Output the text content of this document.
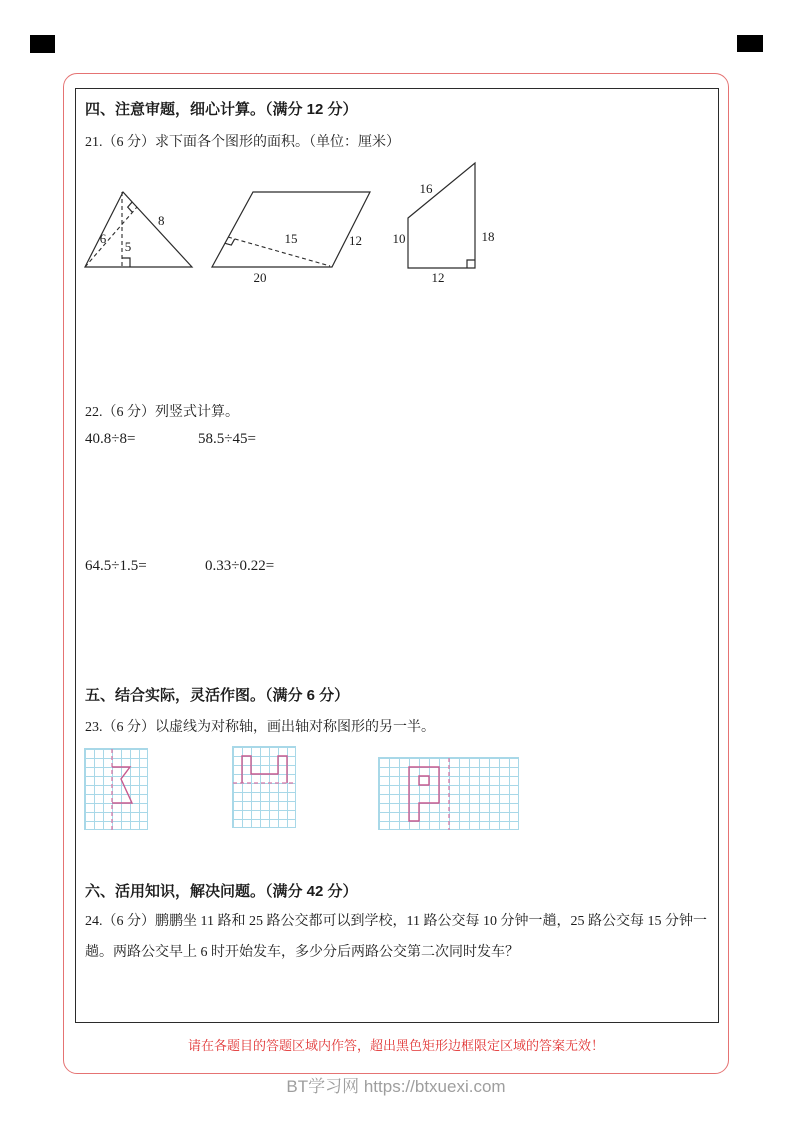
四、注意审题，细心计算。（满分 12 分）
21.（6 分）求下面各个图形的面积。（单位：厘米）
6
8
5
15	12
20
16
10	18
12
22.（6 分）列竖式计算。
40.8÷8=	58.5÷45=
64.5÷1.5=	0.33÷0.22=
五、结合实际，灵活作图。（满分 6 分）
23.（6 分）以虚线为对称轴，画出轴对称图形的另一半。
六、活用知识，解决问题。（满分 42 分）
24.（6 分）鹏鹏坐 11 路和 25 路公交都可以到学校，11 路公交每 10 分钟一趟，25 路公交每 15 分钟一
趟。两路公交早上 6 时开始发车，多少分后两路公交第二次同时发车？
请在各题目的答题区域内作答，超出黑色矩形边框限定区域的答案无效！
BT学习网 https://btxuexi.com
